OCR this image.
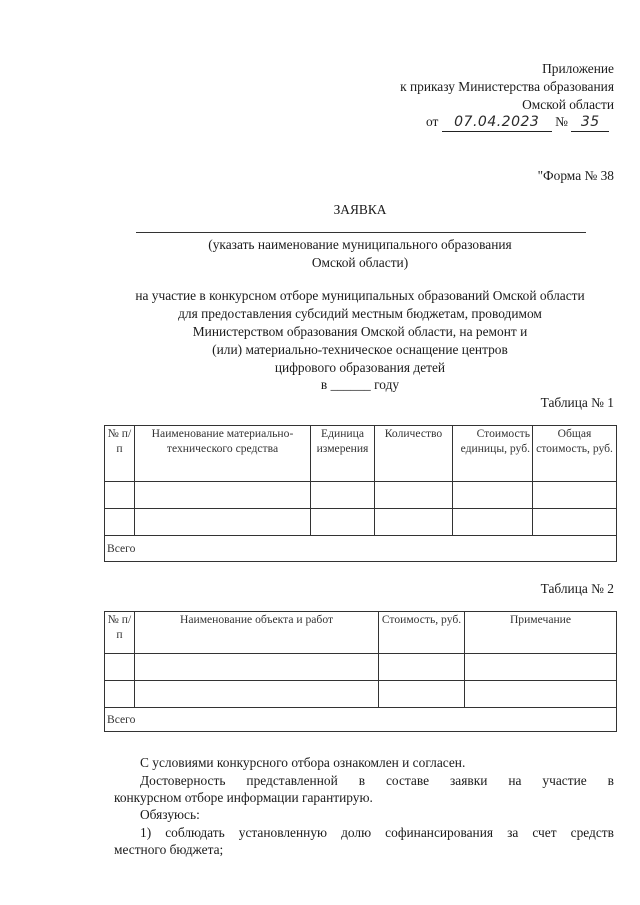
Приложение
к приказу Министерства образования
Омской области
от 07.04.2023 № 35
"Форма № 38
ЗАЯВКА
(указать наименование муниципального образования
Омской области)
на участие в конкурсном отборе муниципальных образований Омской области
для предоставления субсидий местным бюджетам, проводимом
Министерством образования Омской области, на ремонт и
(или) материально-техническое оснащение центров
цифрового образования детей
в ______ году
Таблица № 1
№ п/п	Наименование материально-технического средства	Единица измерения	Количество	Стоимость единицы, руб.	Общая стоимость, руб.

Всего					
Таблица № 2
№ п/п	Наименование объекта и работ	Стоимость, руб.	Примечание

Всего			
С условиями конкурсного отбора ознакомлен и согласен.
Достоверность представленной в составе заявки на участие в
конкурсном отборе информации гарантирую.
Обязуюсь:
1) соблюдать установленную долю софинансирования за счет средств
местного бюджета;
